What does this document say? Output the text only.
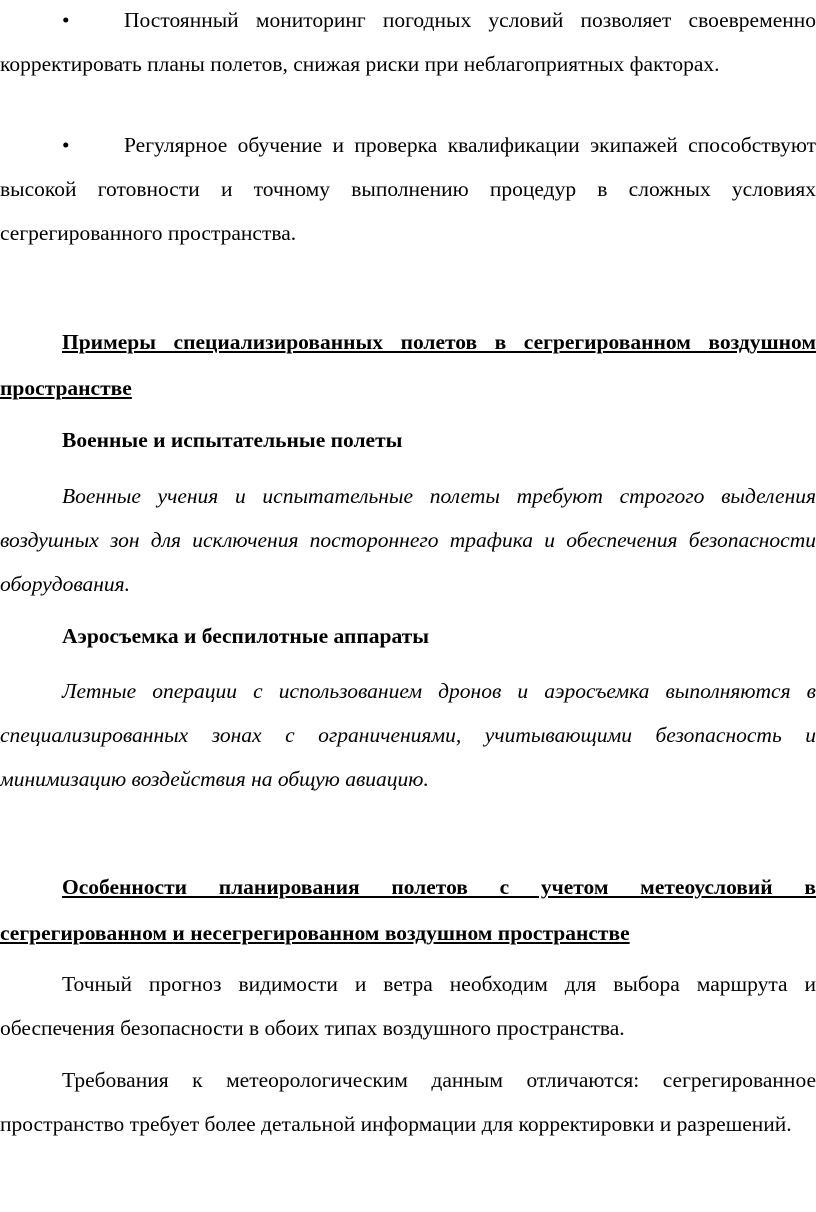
•	Постоянный мониторинг погодных условий позволяет своевременно корректировать планы полетов, снижая риски при неблагоприятных факторах.

•	Регулярное обучение и проверка квалификации экипажей способствуют высокой готовности и точному выполнению процедур в сложных условиях сегрегированного пространства.

Примеры специализированных полетов в сегрегированном воздушном пространстве

Военные и испытательные полеты

Военные учения и испытательные полеты требуют строгого выделения воздушных зон для исключения постороннего трафика и обеспечения безопасности оборудования.

Аэросъемка и беспилотные аппараты

Летные операции с использованием дронов и аэросъемка выполняются в специализированных зонах с ограничениями, учитывающими безопасность и минимизацию воздействия на общую авиацию.

Особенности планирования полетов с учетом метеоусловий в сегрегированном и несегрегированном воздушном пространстве

Точный прогноз видимости и ветра необходим для выбора маршрута и обеспечения безопасности в обоих типах воздушного пространства.

Требования к метеорологическим данным отличаются: сегрегированное пространство требует более детальной информации для корректировки и разрешений.
